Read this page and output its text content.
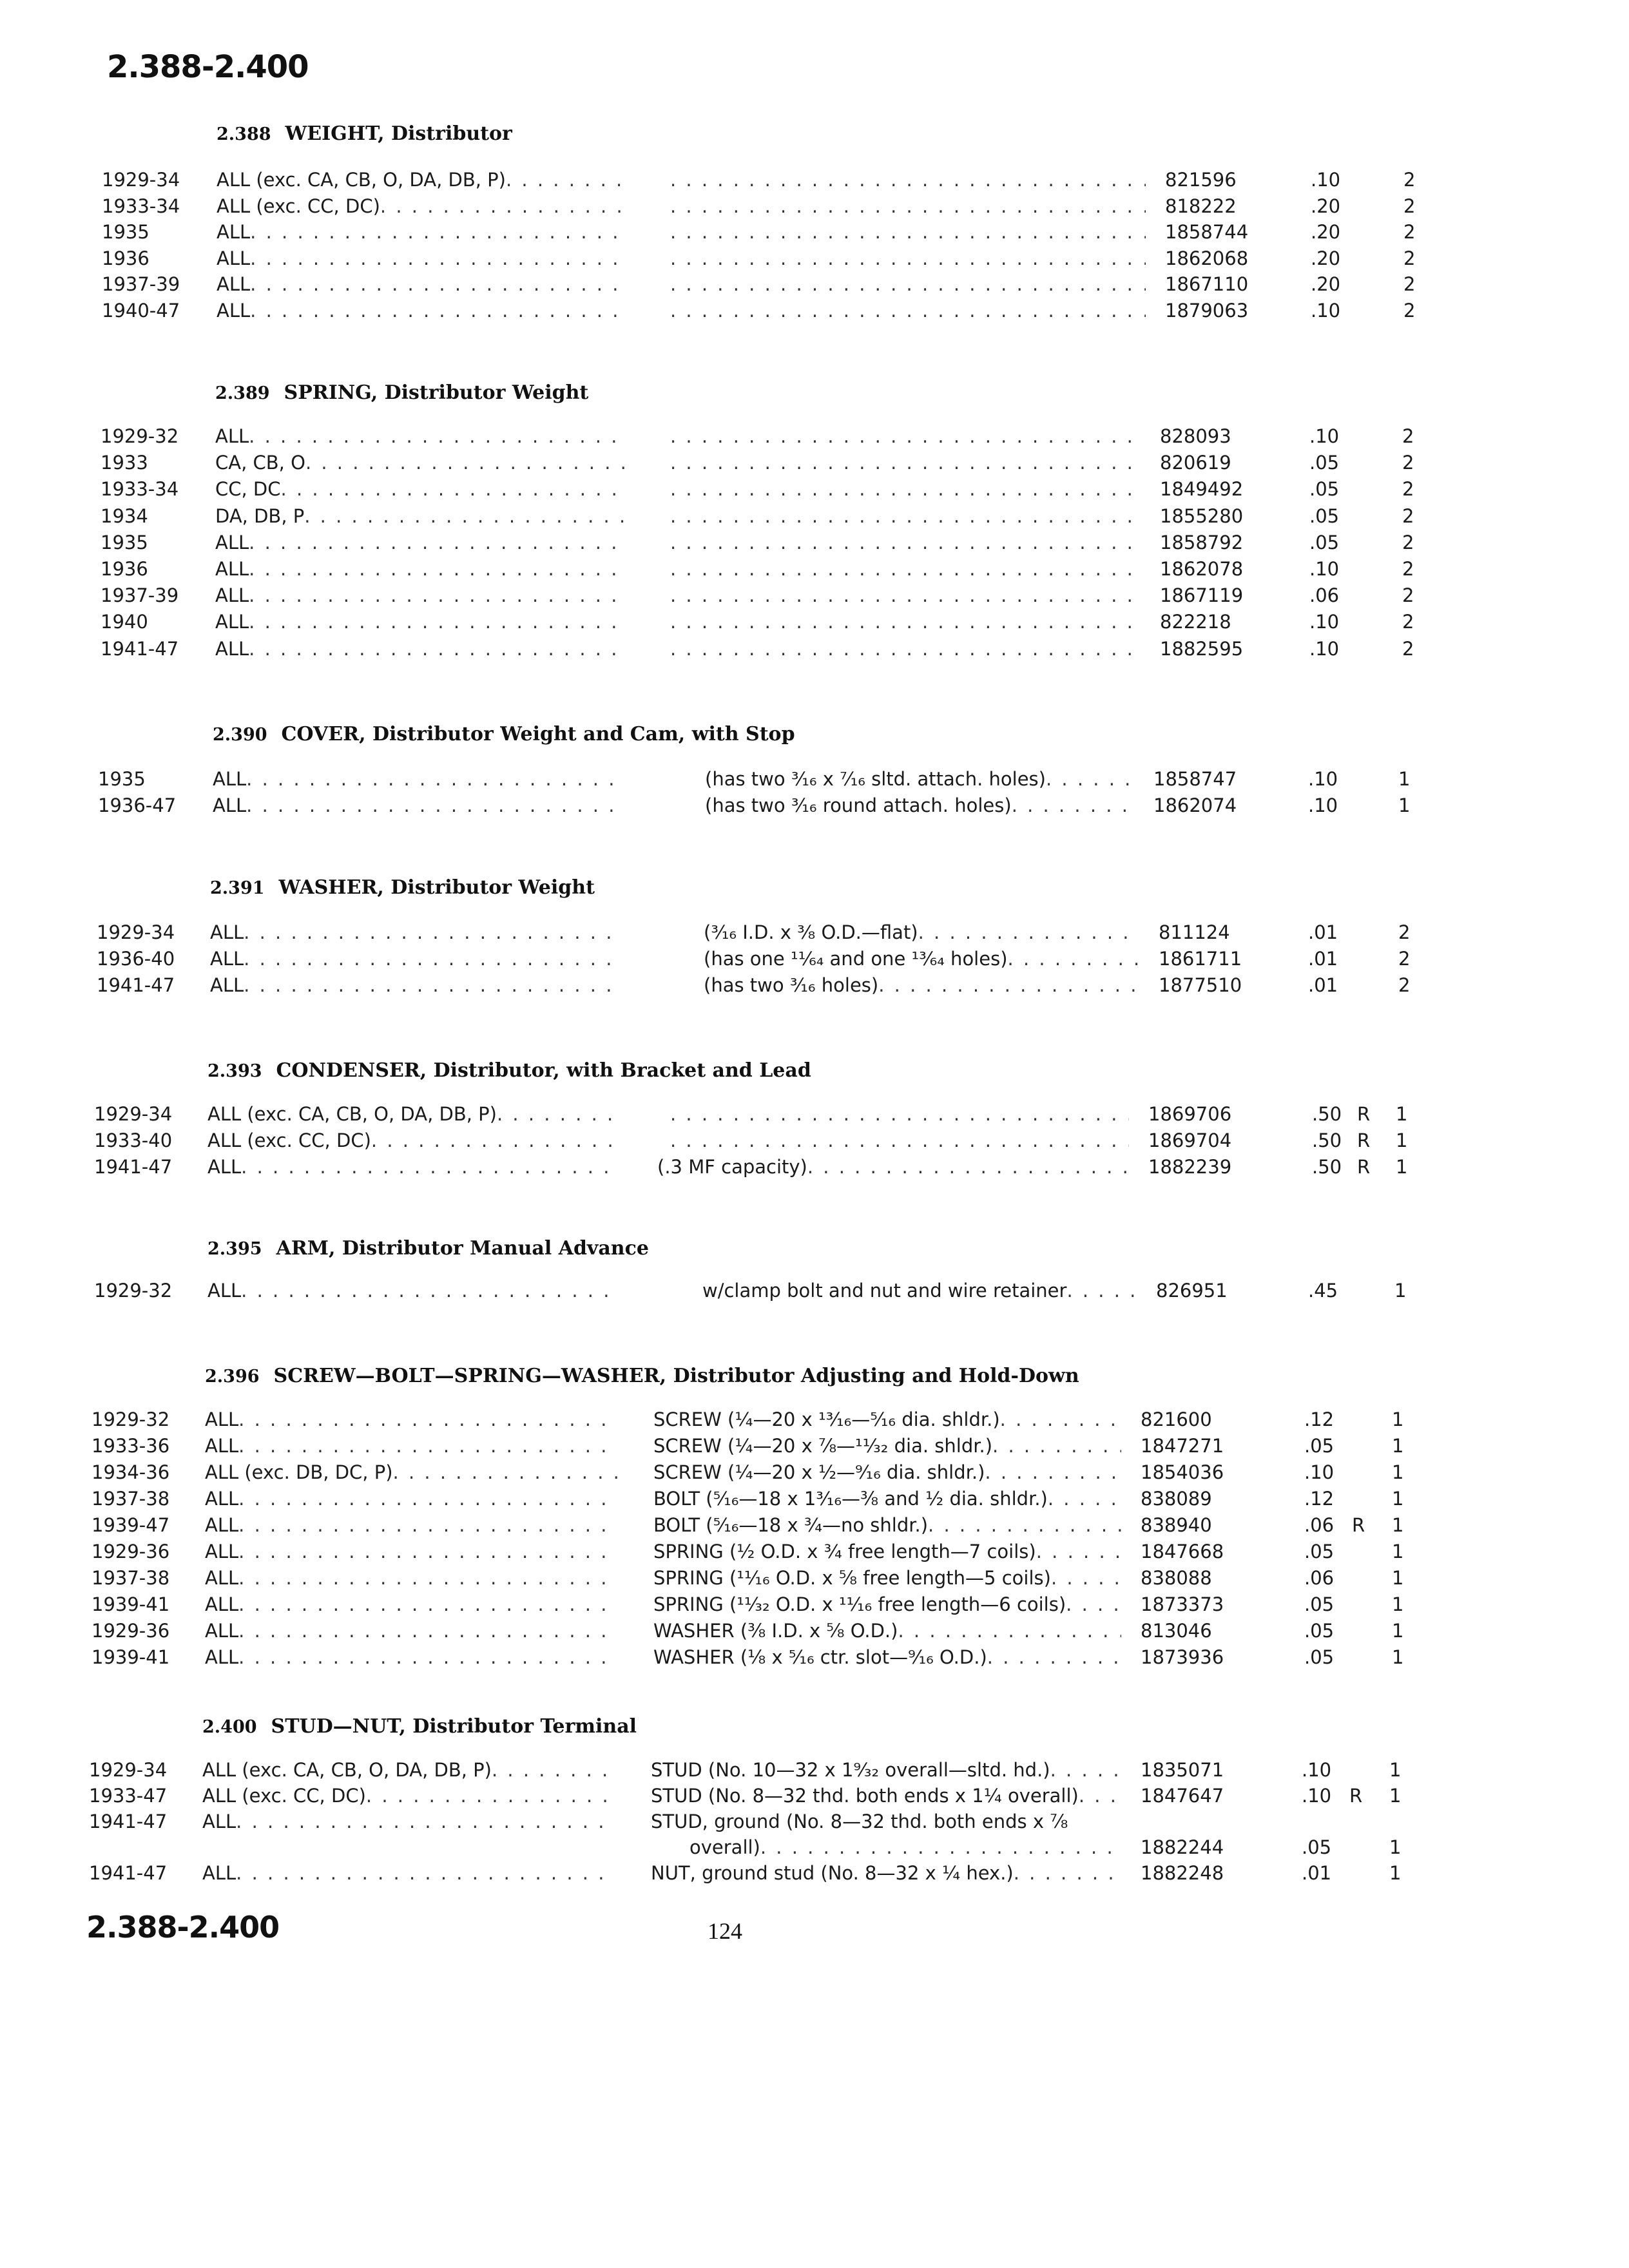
2.388-2.400
2.388 WEIGHT, Distributor
1929-34	ALL (exc. CA, CB, O, DA, DB, P) . . . . . .	821596	.10	2
1933-34	ALL (exc. CC, DC) . . . . . .	818222	.20	2
1935	ALL . . . . . .	1858744	.20	2
1936	ALL . . . . . .	1862068	.20	2
1937-39	ALL . . . . . .	1867110	.20	2
1940-47	ALL . . . . . .	1879063	.10	2
2.389 SPRING, Distributor Weight
1929-32	ALL . . . . . .	828093	.10	2
1933	CA, CB, O . . . . . .	820619	.05	2
1933-34	CC, DC . . . . . .	1849492	.05	2
1934	DA, DB, P . . . . . .	1855280	.05	2
1935	ALL . . . . . .	1858792	.05	2
1936	ALL . . . . . .	1862078	.10	2
1937-39	ALL . . . . . .	1867119	.06	2
1940	ALL . . . . . .	822218	.10	2
1941-47	ALL . . . . . .	1882595	.10	2
2.390 COVER, Distributor Weight and Cam, with Stop
1935	ALL . . .	(has two ³⁄₁₆ x ⁷⁄₁₆ sltd. attach. holes) . . .	1858747	.10	1
1936-47	ALL . . .	(has two ³⁄₁₆ round attach. holes) . . .	1862074	.10	1
2.391 WASHER, Distributor Weight
1929-34	ALL . . .	(³⁄₁₆ I.D. x ³⁄₈ O.D.—flat) . . .	811124	.01	2
1936-40	ALL . . .	(has one ¹¹⁄₆₄ and one ¹³⁄₆₄ holes) . . .	1861711	.01	2
1941-47	ALL . . .	(has two ³⁄₁₆ holes) . . .	1877510	.01	2
2.393 CONDENSER, Distributor, with Bracket and Lead
1929-34	ALL (exc. CA, CB, O, DA, DB, P) . . . . . .	1869706	.50 R 1
1933-40	ALL (exc. CC, DC) . . . . . .	1869704	.50 R 1
1941-47	ALL . . .	(.3 MF capacity) . . .	1882239	.50 R 1
2.395 ARM, Distributor Manual Advance
1929-32	ALL . . .	w/clamp bolt and nut and wire retainer . . .	826951	.45	1
2.396 SCREW—BOLT—SPRING—WASHER, Distributor Adjusting and Hold-Down
1929-32	ALL . . .	SCREW (¼—20 x ¹³⁄₁₆—⁵⁄₁₆ dia. shldr.) . . .	821600	.12	1
1933-36	ALL . . .	SCREW (¼—20 x ⅞—¹¹⁄₃₂ dia. shldr.) . . .	1847271	.05	1
1934-36	ALL (exc. DB, DC, P) . . .	SCREW (¼—20 x ½—⁹⁄₁₆ dia. shldr.) . . .	1854036	.10	1
1937-38	ALL . . .	BOLT (⁵⁄₁₆—18 x 1³⁄₁₆—⅜ and ½ dia. shldr.) . . .	838089	.12	1
1939-47	ALL . . .	BOLT (⁵⁄₁₆—18 x ¾—no shldr.) . . .	838940	.06 R 1
1929-36	ALL . . .	SPRING (½ O.D. x ¾ free length—7 coils) . . .	1847668	.05	1
1937-38	ALL . . .	SPRING (¹¹⁄₁₆ O.D. x ⅝ free length—5 coils) . . .	838088	.06	1
1939-41	ALL . . .	SPRING (¹¹⁄₃₂ O.D. x ¹¹⁄₁₆ free length—6 coils) . . .	1873373	.05	1
1929-36	ALL . . .	WASHER (⅜ I.D. x ⅝ O.D.) . . .	813046	.05	1
1939-41	ALL . . .	WASHER (⅛ x ⁵⁄₁₆ ctr. slot—⁹⁄₁₆ O.D.) . . .	1873936	.05	1
2.400 STUD—NUT, Distributor Terminal
1929-34	ALL (exc. CA, CB, O, DA, DB, P) . . .	STUD (No. 10—32 x 1⁹⁄₃₂ overall—sltd. hd.) . . .	1835071	.10	1
1933-47	ALL (exc. CC, DC) . . .	STUD (No. 8—32 thd. both ends x 1¼ overall) . . .	1847647	.10 R 1
1941-47	ALL . . .	STUD, ground (No. 8—32 thd. both ends x ⅞
overall) . . .	1882244	.05	1
1941-47	ALL . . .	NUT, ground stud (No. 8—32 x ¼ hex.) . . .	1882248	.01	1
2.388-2.400	124
